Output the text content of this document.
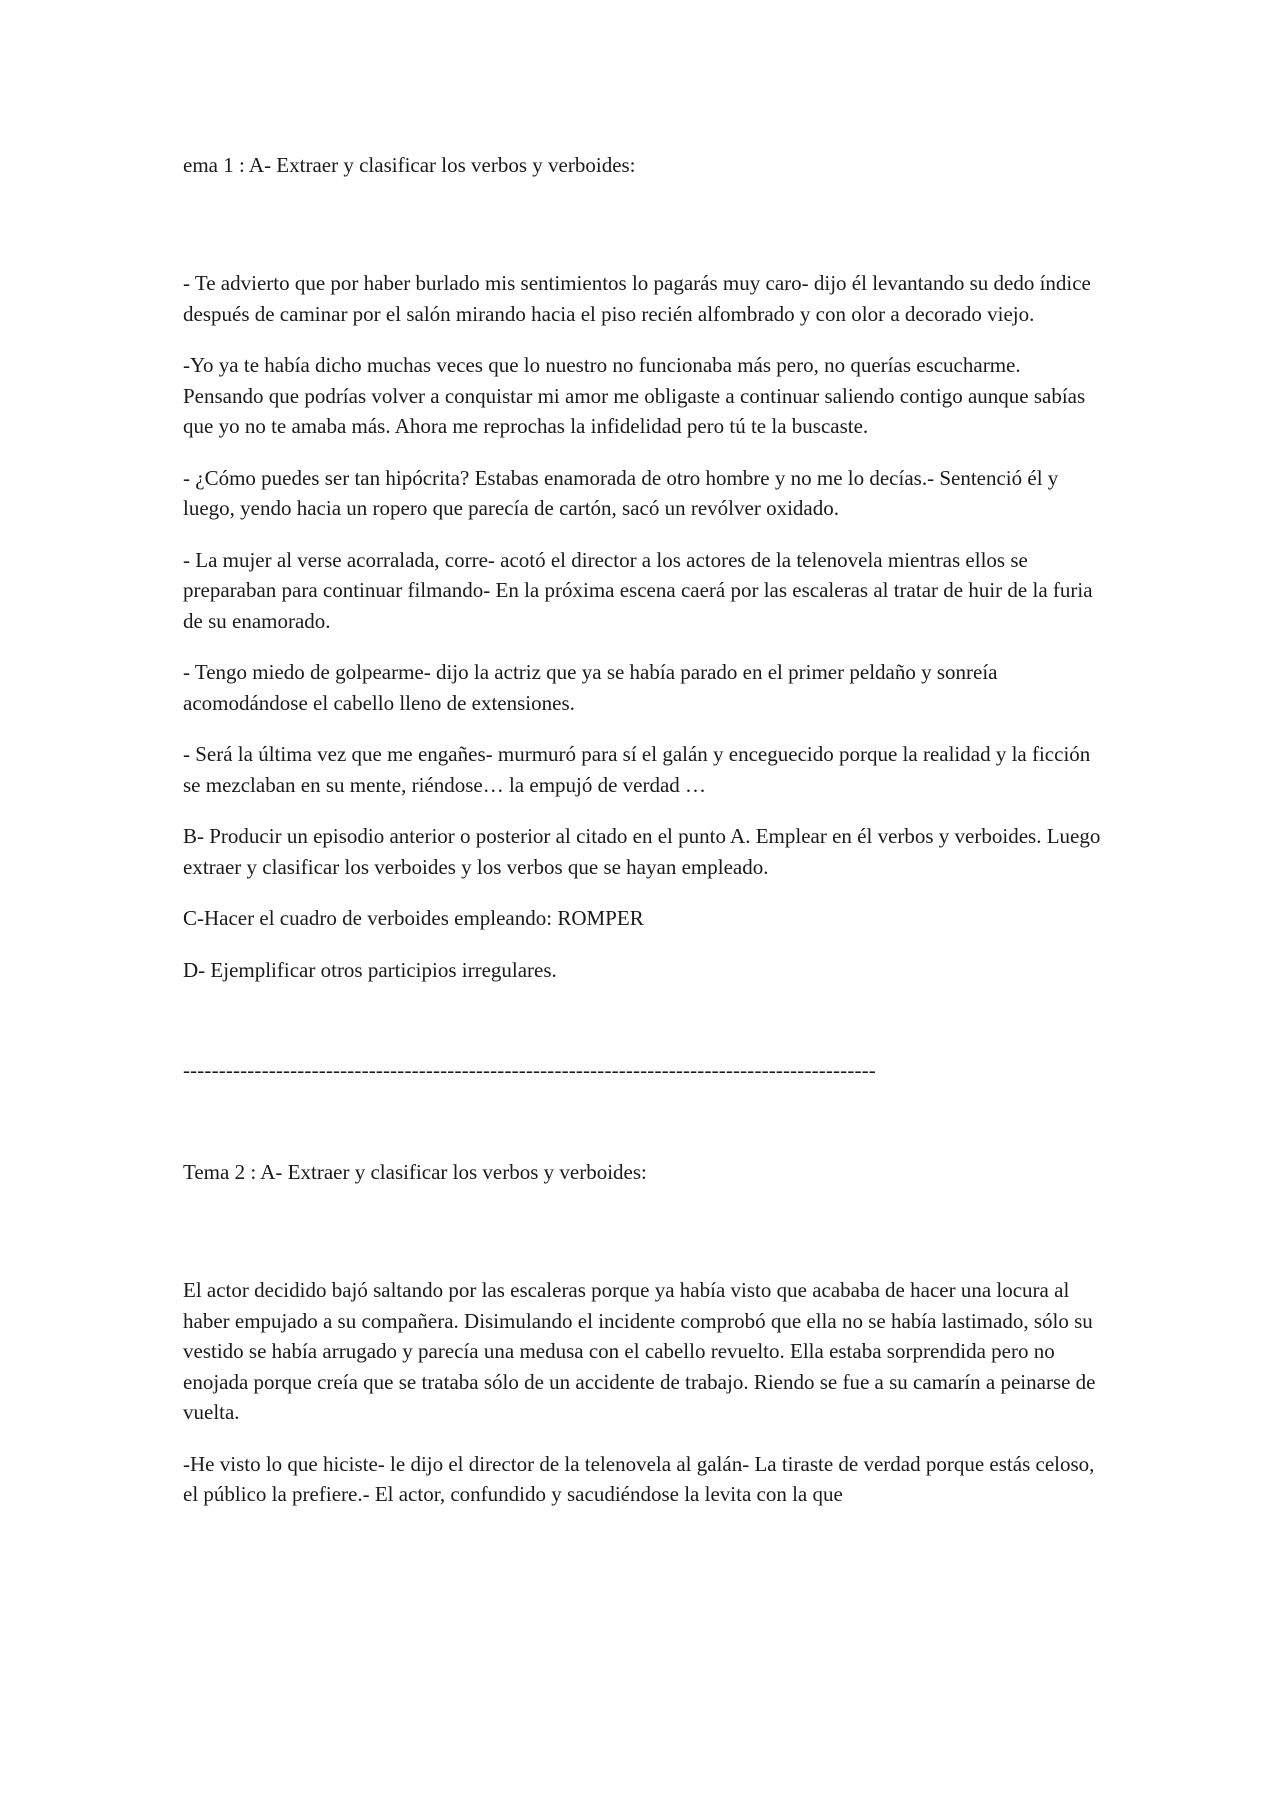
ema 1 : A- Extraer y clasificar los verbos y verboides:

- Te advierto que por haber burlado mis sentimientos lo pagarás muy caro- dijo él levantando su dedo índice después de caminar por el salón mirando hacia el piso recién alfombrado y con olor a decorado viejo.

-Yo ya te había dicho muchas veces que lo nuestro no funcionaba más pero, no querías escucharme. Pensando que podrías volver a conquistar mi amor me obligaste a continuar saliendo contigo aunque sabías que yo no te amaba más. Ahora me reprochas la infidelidad pero tú te la buscaste.

- ¿Cómo puedes ser tan hipócrita? Estabas enamorada de otro hombre y no me lo decías.- Sentenció él y luego, yendo hacia un ropero que parecía de cartón, sacó un revólver oxidado.

- La mujer al verse acorralada, corre- acotó el director a los actores de la telenovela mientras ellos se preparaban para continuar filmando- En la próxima escena caerá por las escaleras al tratar de huir de la furia de su enamorado.

- Tengo miedo de golpearme- dijo la actriz que ya se había parado en el primer peldaño y sonreía acomodándose el cabello lleno de extensiones.

- Será la última vez que me engañes- murmuró para sí el galán y enceguecido porque la realidad y la ficción se mezclaban en su mente, riéndose… la empujó de verdad …

B- Producir un episodio anterior o posterior al citado en el punto A. Emplear en él verbos y verboides. Luego extraer y clasificar los verboides y los verbos que se hayan empleado.

C-Hacer el cuadro de verboides empleando: ROMPER

D- Ejemplificar otros participios irregulares.

-------------------------------------------------------------------------------------------------

Tema 2 : A- Extraer y clasificar los verbos y verboides:

El actor decidido bajó saltando por las escaleras porque ya había visto que acababa de hacer una locura al haber empujado a su compañera. Disimulando el incidente comprobó que ella no se había lastimado, sólo su vestido se había arrugado y parecía una medusa con el cabello revuelto. Ella estaba sorprendida pero no enojada porque creía que se trataba sólo de un accidente de trabajo. Riendo se fue a su camarín a peinarse de vuelta.

-He visto lo que hiciste- le dijo el director de la telenovela al galán- La tiraste de verdad porque estás celoso, el público la prefiere.- El actor, confundido y sacudiéndose la levita con la que
